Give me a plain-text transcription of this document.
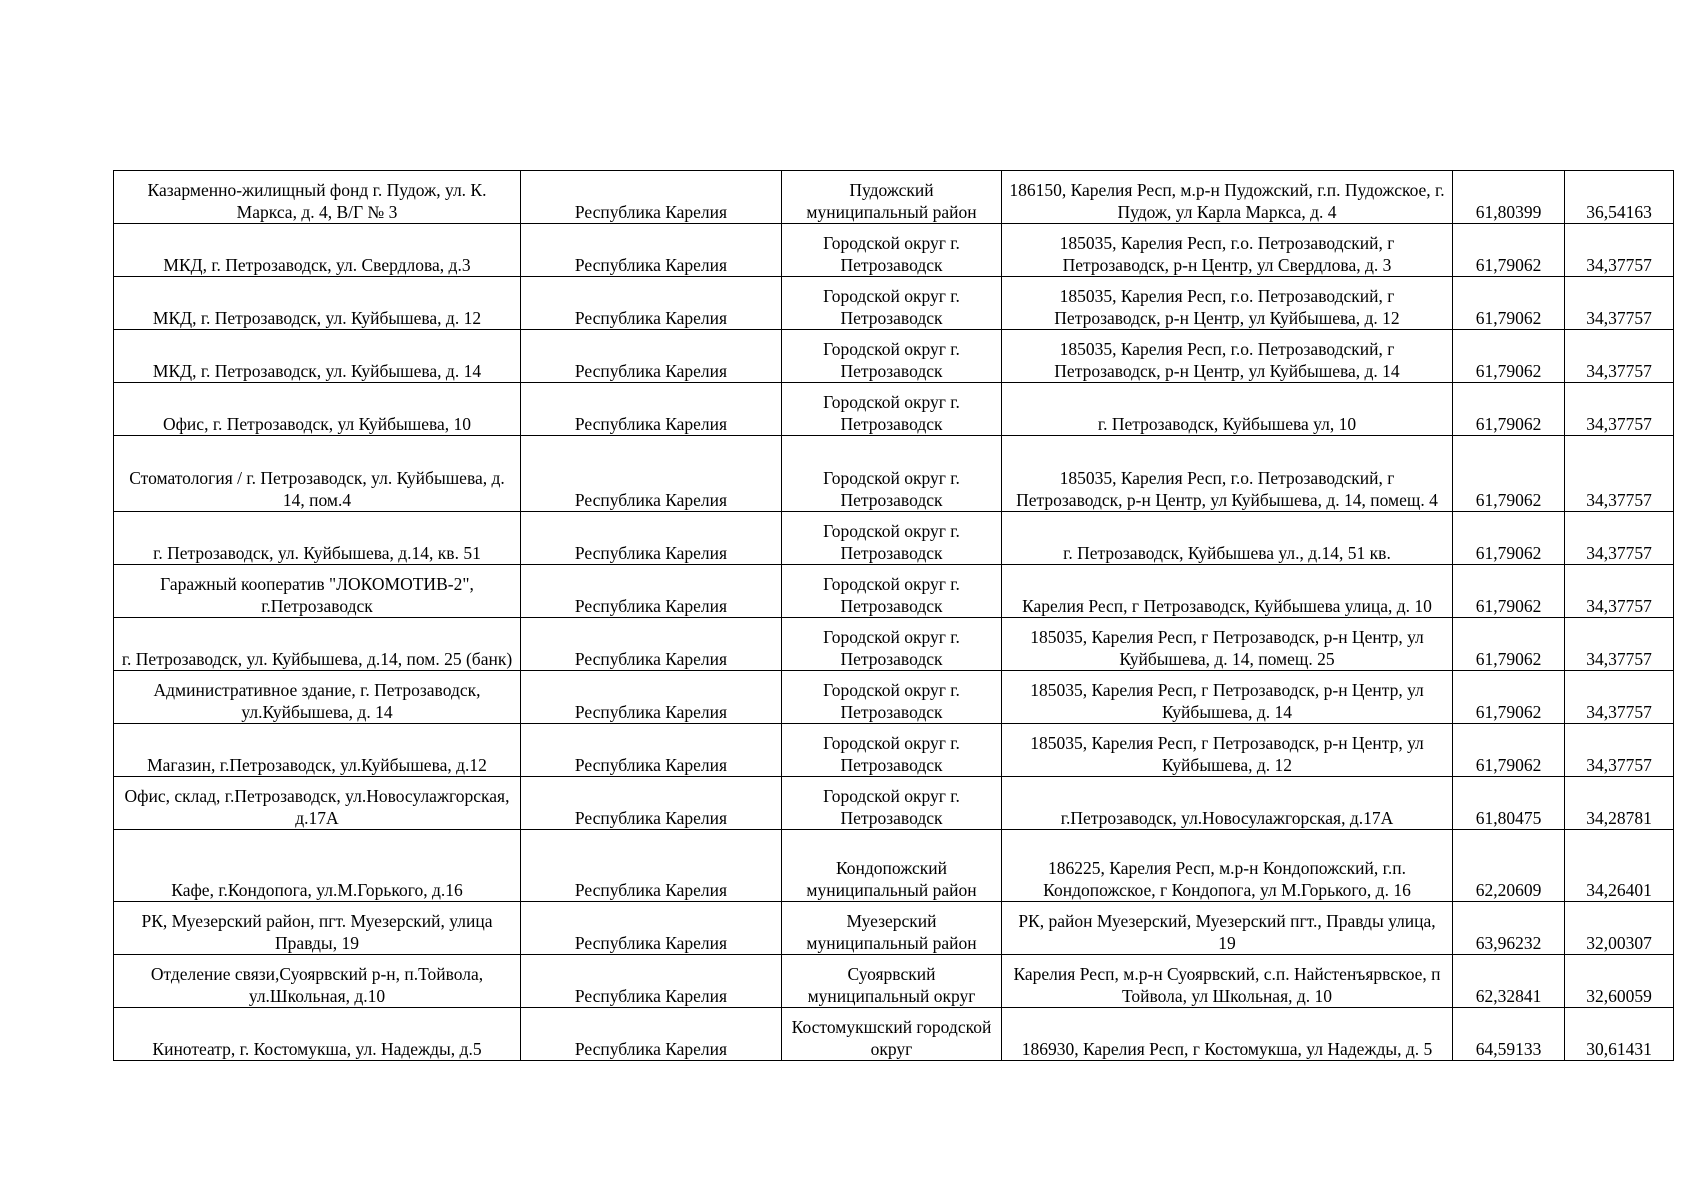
Казарменно-жилищный фонд г. Пудож, ул. К. Маркса, д. 4, В/Г № 3	Республика Карелия	Пудожский муниципальный район	186150, Карелия Респ, м.р-н Пудожский, г.п. Пудожское, г. Пудож, ул Карла Маркса, д. 4	61,80399	36,54163
МКД, г. Петрозаводск, ул. Свердлова, д.3	Республика Карелия	Городской округ г. Петрозаводск	185035, Карелия Респ, г.о. Петрозаводский, г Петрозаводск, р-н Центр, ул Свердлова, д. 3	61,79062	34,37757
МКД, г. Петрозаводск, ул. Куйбышева, д. 12	Республика Карелия	Городской округ г. Петрозаводск	185035, Карелия Респ, г.о. Петрозаводский, г Петрозаводск, р-н Центр, ул Куйбышева, д. 12	61,79062	34,37757
МКД, г. Петрозаводск, ул. Куйбышева, д. 14	Республика Карелия	Городской округ г. Петрозаводск	185035, Карелия Респ, г.о. Петрозаводский, г Петрозаводск, р-н Центр, ул Куйбышева, д. 14	61,79062	34,37757
Офис, г. Петрозаводск, ул Куйбышева, 10	Республика Карелия	Городской округ г. Петрозаводск	г. Петрозаводск, Куйбышева ул, 10	61,79062	34,37757
Стоматология / г. Петрозаводск, ул. Куйбышева, д. 14, пом.4	Республика Карелия	Городской округ г. Петрозаводск	185035, Карелия Респ, г.о. Петрозаводский, г Петрозаводск, р-н Центр, ул Куйбышева, д. 14, помещ. 4	61,79062	34,37757
г. Петрозаводск, ул. Куйбышева, д.14, кв. 51	Республика Карелия	Городской округ г. Петрозаводск	г. Петрозаводск, Куйбышева ул., д.14, 51 кв.	61,79062	34,37757
Гаражный кооператив "ЛОКОМОТИВ-2", г.Петрозаводск	Республика Карелия	Городской округ г. Петрозаводск	Карелия Респ, г Петрозаводск, Куйбышева улица, д. 10	61,79062	34,37757
г. Петрозаводск, ул. Куйбышева, д.14, пом. 25 (банк)	Республика Карелия	Городской округ г. Петрозаводск	185035, Карелия Респ, г Петрозаводск, р-н Центр, ул Куйбышева, д. 14, помещ. 25	61,79062	34,37757
Административное здание, г. Петрозаводск, ул.Куйбышева, д. 14	Республика Карелия	Городской округ г. Петрозаводск	185035, Карелия Респ, г Петрозаводск, р-н Центр, ул Куйбышева, д. 14	61,79062	34,37757
Магазин, г.Петрозаводск, ул.Куйбышева, д.12	Республика Карелия	Городской округ г. Петрозаводск	185035, Карелия Респ, г Петрозаводск, р-н Центр, ул Куйбышева, д. 12	61,79062	34,37757
Офис, склад, г.Петрозаводск, ул.Новосулажгорская, д.17А	Республика Карелия	Городской округ г. Петрозаводск	г.Петрозаводск, ул.Новосулажгорская, д.17А	61,80475	34,28781
Кафе, г.Кондопога, ул.М.Горького, д.16	Республика Карелия	Кондопожский муниципальный район	186225, Карелия Респ, м.р-н Кондопожский, г.п. Кондопожское, г Кондопога, ул М.Горького, д. 16	62,20609	34,26401
РК, Муезерский район, пгт. Муезерский, улица Правды, 19	Республика Карелия	Муезерский муниципальный район	РК, район Муезерский, Муезерский пгт., Правды улица, 19	63,96232	32,00307
Отделение связи,Суоярвский р-н, п.Тойвола, ул.Школьная, д.10	Республика Карелия	Суоярвский муниципальный округ	Карелия Респ, м.р-н Суоярвский, с.п. Найстенъярвское, п Тойвола, ул Школьная, д. 10	62,32841	32,60059
Кинотеатр, г. Костомукша, ул. Надежды, д.5	Республика Карелия	Костомукшский городской округ	186930, Карелия Респ, г Костомукша, ул Надежды, д. 5	64,59133	30,61431
